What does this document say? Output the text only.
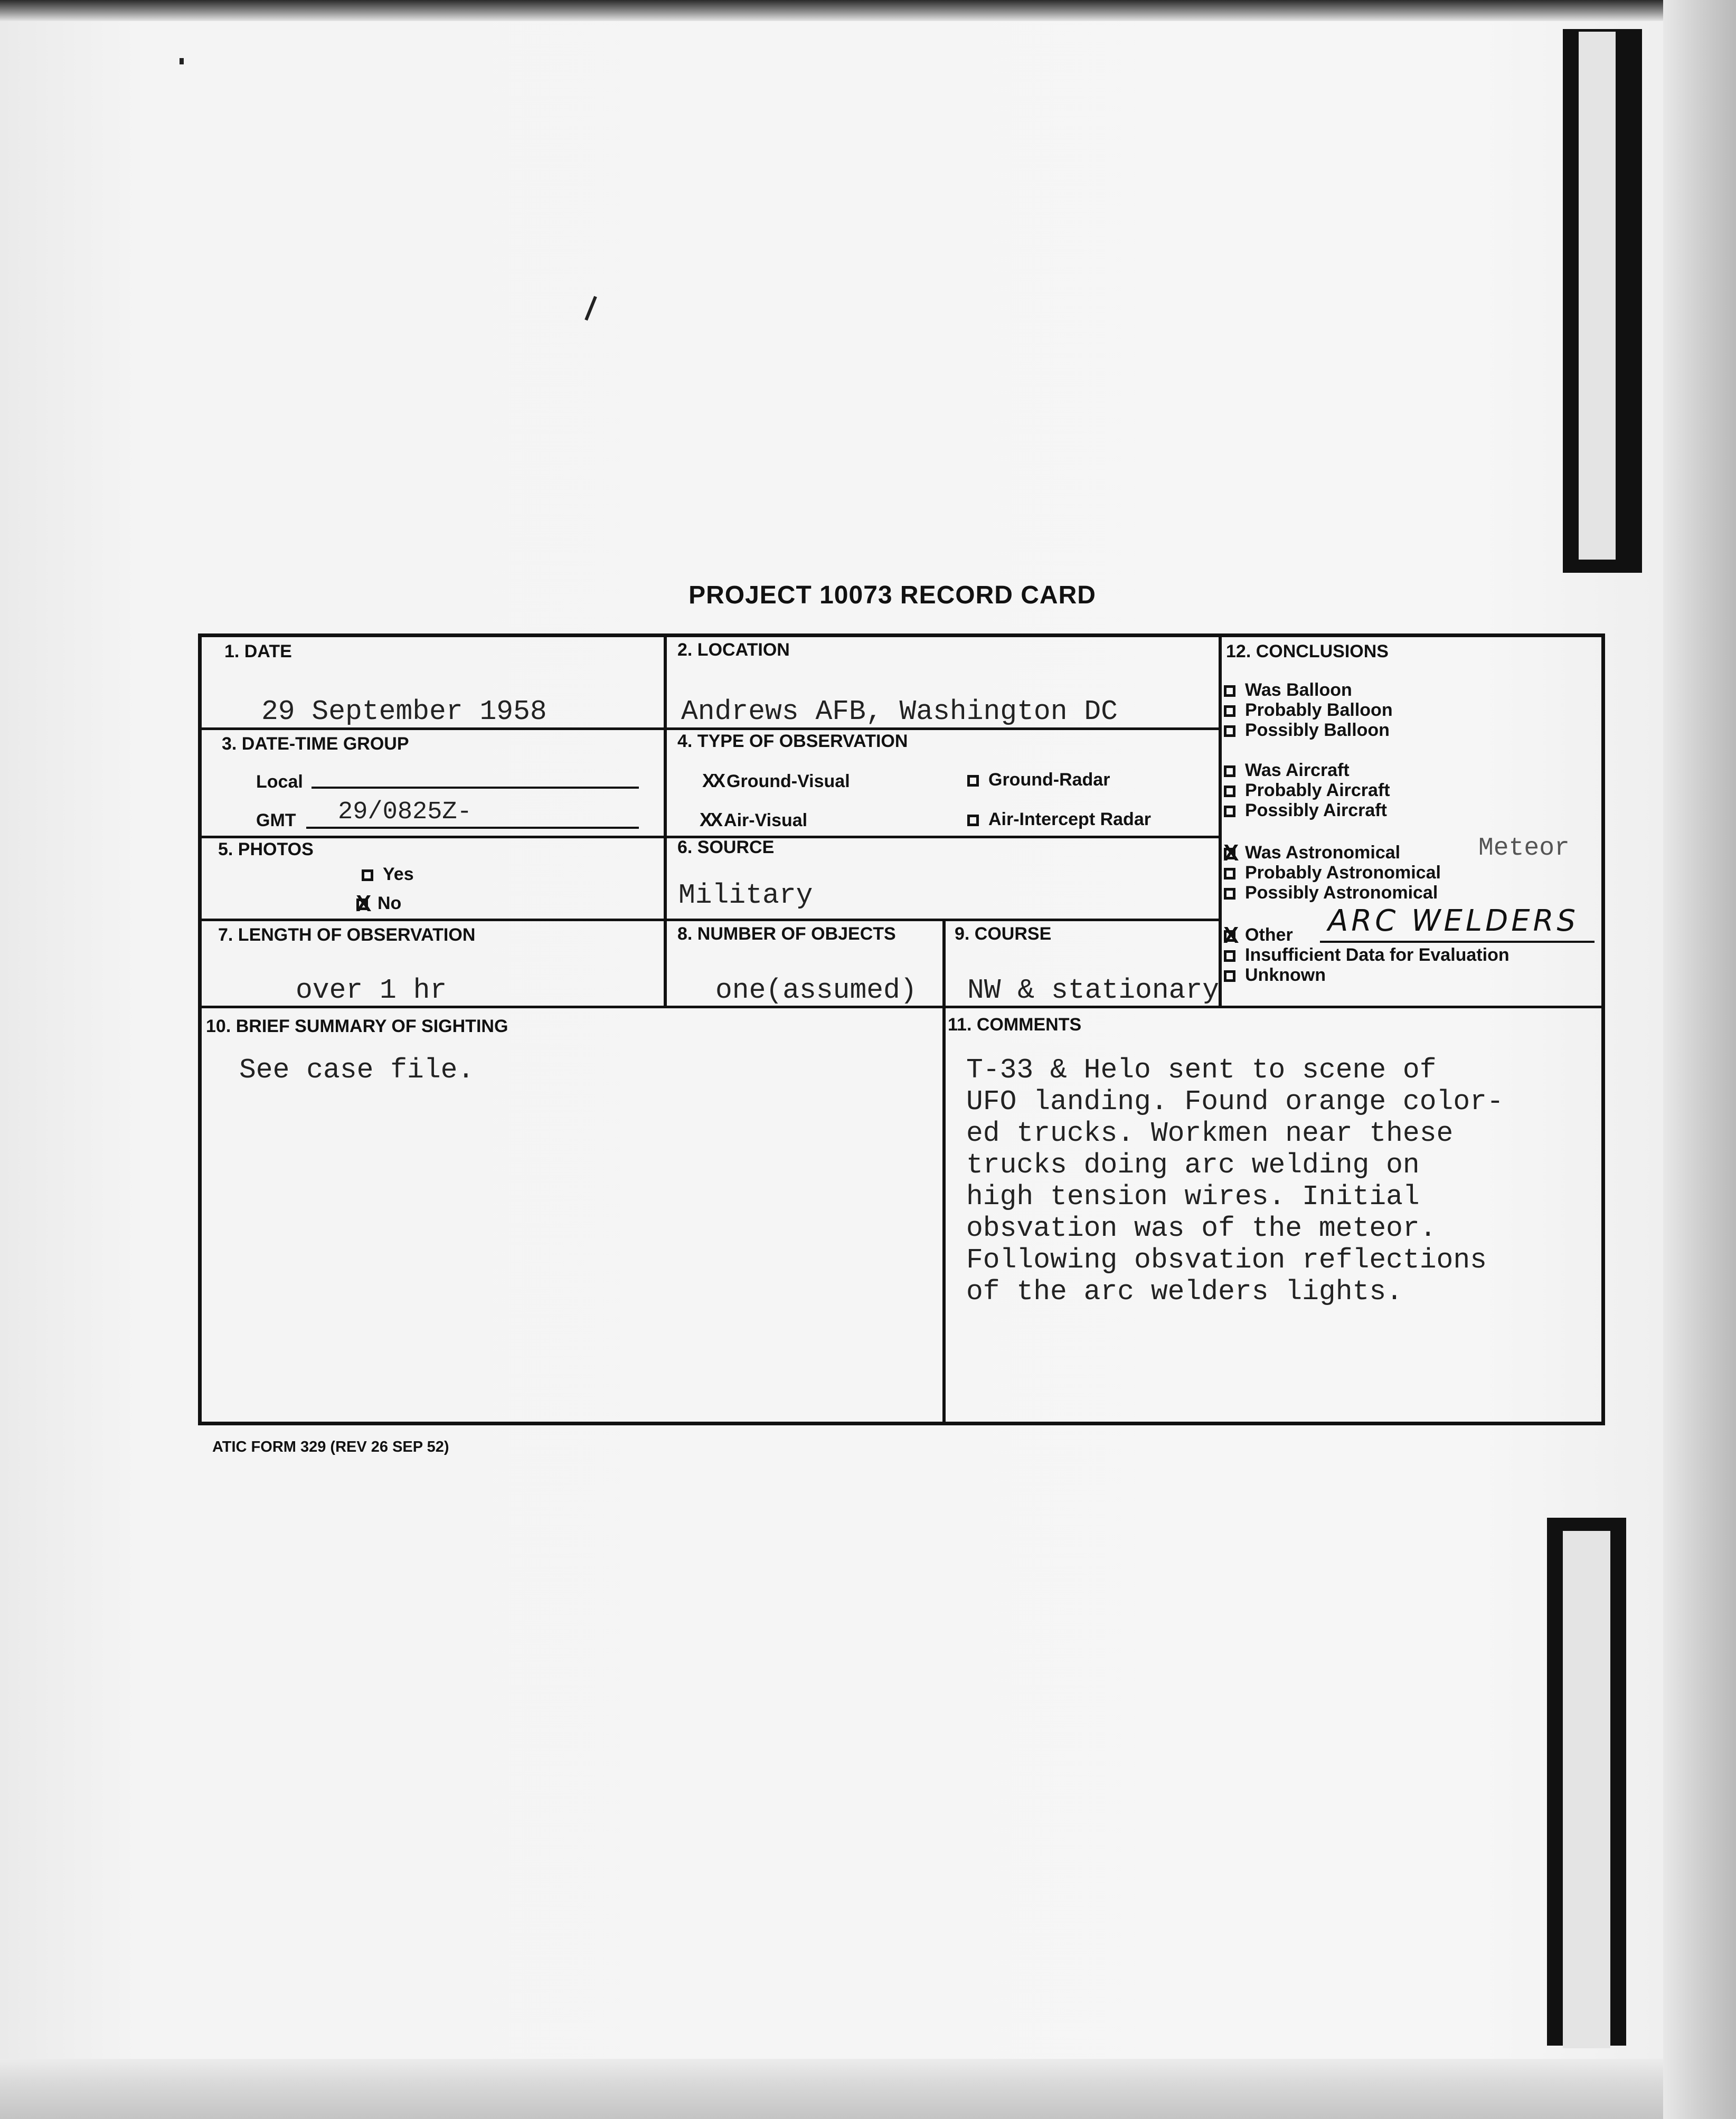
PROJECT 10073 RECORD CARD
1. DATE
29 September 1958
2. LOCATION
Andrews AFB, Washington DC
3. DATE-TIME GROUP
Local
GMT 29/0825Z-
4. TYPE OF OBSERVATION
XX Ground-Visual	Ground-Radar
XX Air-Visual	Air-Intercept Radar
5. PHOTOS
Yes
XNo
6. SOURCE
Military
7. LENGTH OF OBSERVATION
over 1 hr
8. NUMBER OF OBJECTS
one(assumed)
9. COURSE
NW & stationary
10. BRIEF SUMMARY OF SIGHTING
See case file.
11. COMMENTS
T-33 & Helo sent to scene of
UFO landing. Found orange color-
ed trucks. Workmen near these
trucks doing arc welding on
high tension wires. Initial
obsvation was of the meteor.
Following obsvation reflections
of the arc welders lights.
12. CONCLUSIONS
Was Balloon
Probably Balloon
Possibly Balloon
Was Aircraft
Probably Aircraft
Possibly Aircraft
XWas Astronomical	Meteor
Probably Astronomical
Possibly Astronomical
XOther ARC WELDERS
Insufficient Data for Evaluation
Unknown
ATIC FORM 329 (REV 26 SEP 52)
